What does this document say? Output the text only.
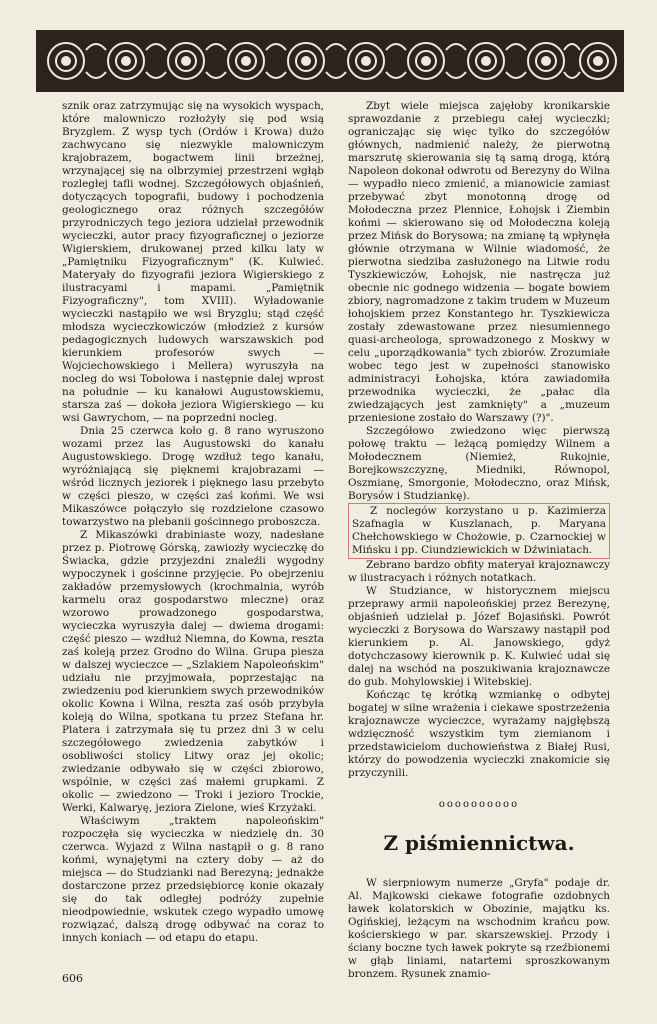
sznik oraz zatrzymując się na wysokich wyspach, które malowniczo rozłożyły się pod wsią Bryzglem. Z wysp tych (Ordów i Krowa) dużo zachwycano się niezwykle malowniczym krajobrazem, bogactwem linii brzeżnej, wrzynającej się na olbrzymiej przestrzeni wgłąb rozległej tafli wodnej. Szczegółowych objaśnień, dotyczących topografii, budowy i pochodzenia geologicznego oraz różnych szczegółów przyrodniczych tego jeziora udzielał przewodnik wycieczki, autor pracy fizyograficznej o jeziorze Wigierskiem, drukowanej przed kilku laty w „Pamiętniku Fizyograficznym" (K. Kulwieć. Materyały do fizyografii jeziora Wigierskiego z ilustracyami i mapami. „Pamiętnik Fizyograficzny", tom XVIII). Wyładowanie wycieczki nastąpiło we wsi Bryzglu; stąd część młodsza wycieczkowiczów (młodzież z kursów pedagogicznych ludowych warszawskich pod kierunkiem profesorów swych — Wojciechowskiego i Mellera) wyruszyła na nocleg do wsi Tobołowa i następnie dalej wprost na południe — ku kanałowi Augustowskiemu, starsza zaś — dokoła jeziora Wigierskiego — ku wsi Gawrychom, — na poprzedni nocleg.

Dnia 25 czerwca koło g. 8 rano wyruszono wozami przez las Augustowski do kanału Augustowskiego. Drogę wzdłuż tego kanału, wyróżniającą się pięknemi krajobrazami — wśród licznych jeziorek i pięknego lasu przebyto w części pieszo, w części zaś końmi. We wsi Mikaszówce połączyło się rozdzielone czasowo towarzystwo na plebanii gościnnego proboszcza.

Z Mikaszówki drabiniaste wozy, nadesłane przez p. Piotrowę Górską, zawiozły wycieczkę do Świacka, gdzie przyjezdni znaleźli wygodny wypoczynek i gościnne przyjęcie. Po obejrzeniu zakładów przemysłowych (krochmalnia, wyrób karmelu oraz gospodarstwo mleczne) oraz wzorowo prowadzonego gospodarstwa, wycieczka wyruszyła dalej — dwiema drogami: część pieszo — wzdłuż Niemna, do Kowna, reszta zaś koleją przez Grodno do Wilna. Grupa piesza w dalszej wycieczce — „Szlakiem Napoleońskim" udziału nie przyjmowała, poprzestając na zwiedzeniu pod kierunkiem swych przewodników okolic Kowna i Wilna, reszta zaś osób przybyła koleją do Wilna, spotkana tu przez Stefana hr. Platera i zatrzymała się tu przez dni 3 w celu szczegółowego zwiedzenia zabytków i osobliwości stolicy Litwy oraz jej okolic; zwiedzanie odbywało się w części zbiorowo, wspólnie, w części zaś małemi grupkami. Z okolic — zwiedzono — Troki i jezioro Trockie, Werki, Kalwaryę, jeziora Zielone, wieś Krzyżaki.

Właściwym „traktem napoleońskim" rozpoczęła się wycieczka w niedzielę dn. 30 czerwca. Wyjazd z Wilna nastąpił o g. 8 rano końmi, wynajętymi na cztery doby — aż do miejsca — do Studzianki nad Berezyną; jednakże dostarczone przez przedsiębiorcę konie okazały się do tak odległej podróży zupełnie nieodpowiednie, wskutek czego wypadło umowę rozwiązać, dalszą drogę odbywać na coraz to innych koniach — od etapu do etapu.

Zbyt wiele miejsca zajęłoby kronikarskie sprawozdanie z przebiegu całej wycieczki; ograniczając się więc tylko do szczegółów głównych, nadmienić należy, że pierwotną marszrutę skierowania się tą samą drogą, którą Napoleon dokonał odwrotu od Berezyny do Wilna — wypadło nieco zmienić, a mianowicie zamiast przebywać zbyt monotonną drogę od Mołodeczna przez Plennice, Łohojsk i Ziembin końmi — skierowano się od Mołodeczna koleją przez Mińsk do Borysowa; na zmianę tą wpłynęła głównie otrzymana w Wilnie wiadomość, że pierwotna siedziba zasłużonego na Litwie rodu Tyszkiewiczów, Łohojsk, nie nastręcza już obecnie nic godnego widzenia — bogate bowiem zbiory, nagromadzone z takim trudem w Muzeum łohojskiem przez Konstantego hr. Tyszkiewicza zostały zdewastowane przez niesumiennego quasi-archeologa, sprowadzonego z Moskwy w celu „uporządkowania" tych zbiorów. Zrozumiałe wobec tego jest w zupełności stanowisko administracyi Łohojska, która zawiadomiła przewodnika wycieczki, że „pałac dla zwiedzających jest zamknięty" a „muzeum przeniesione zostało do Warszawy (?)".

Szczegółowo zwiedzono więc pierwszą połowę traktu — leżącą pomiędzy Wilnem a Mołodecznem (Niemież, Rukojnie, Borejkowszczyznę, Miedniki, Równopol, Oszmianę, Smorgonie, Mołodeczno, oraz Mińsk, Borysów i Studziankę).

Z noclegów korzystano u p. Kazimierza Szafnagla w Kuszlanach, p. Maryana Chełchowskiego w Chożowie, p. Czarnockiej w Mińsku i pp. Ciundziewickich w Dźwiniatach.

Zebrano bardzo obfity materyał krajoznawczy w ilustracyach i różnych notatkach.

W Studziance, w historycznem miejscu przeprawy armii napoleońskiej przez Berezynę, objaśnień udzielał p. Józef Bojasiński. Powrót wycieczki z Borysowa do Warszawy nastąpił pod kierunkiem p. Al. Janowskiego, gdyż dotychczasowy kierownik p. K. Kulwieć udał się dalej na wschód na poszukiwania krajoznawcze do gub. Mohylowskiej i Witebskiej.

Kończąc tę krótką wzmiankę o odbytej bogatej w silne wrażenia i ciekawe spostrzeżenia krajoznawcze wycieczce, wyrażamy najgłębszą wdzięczność wszystkim tym ziemianom i przedstawicielom duchowieństwa z Białej Rusi, którzy do powodzenia wycieczki znakomicie się przyczynili.

oooooooooo
Z piśmiennictwa.

W sierpniowym numerze „Gryfa" podaje dr. Al. Majkowski ciekawe fotografie ozdobnych ławek kolatorskich w Obozinie, majątku ks. Ogińskiej, leżącym na wschodnim krańcu pow. kościerskiego w par. skarszewskiej. Przody i ściany boczne tych ławek pokryte są rzeźbionemi w głąb liniami, natartemi sproszkowanym bronzem. Rysunek znamio-

606
